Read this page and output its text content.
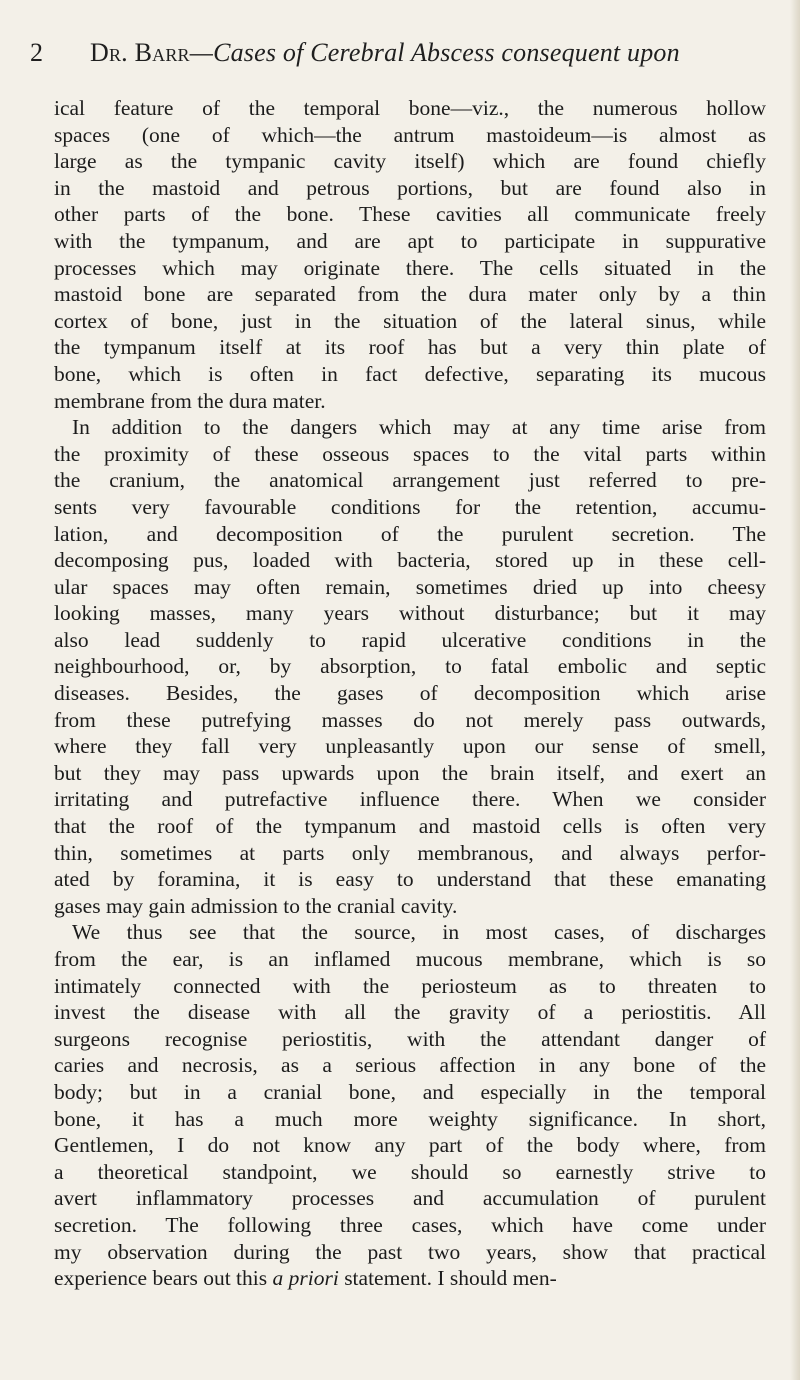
2 Dr. Barr—Cases of Cerebral Abscess consequent upon
ical feature of the temporal bone—viz., the numerous hollow
spaces (one of which—the antrum mastoideum—is almost as
large as the tympanic cavity itself) which are found chiefly
in the mastoid and petrous portions, but are found also in
other parts of the bone. These cavities all communicate freely
with the tympanum, and are apt to participate in suppurative
processes which may originate there. The cells situated in the
mastoid bone are separated from the dura mater only by a thin
cortex of bone, just in the situation of the lateral sinus, while
the tympanum itself at its roof has but a very thin plate of
bone, which is often in fact defective, separating its mucous
membrane from the dura mater.
In addition to the dangers which may at any time arise from
the proximity of these osseous spaces to the vital parts within
the cranium, the anatomical arrangement just referred to pre-
sents very favourable conditions for the retention, accumu-
lation, and decomposition of the purulent secretion. The
decomposing pus, loaded with bacteria, stored up in these cell-
ular spaces may often remain, sometimes dried up into cheesy
looking masses, many years without disturbance; but it may
also lead suddenly to rapid ulcerative conditions in the
neighbourhood, or, by absorption, to fatal embolic and septic
diseases. Besides, the gases of decomposition which arise
from these putrefying masses do not merely pass outwards,
where they fall very unpleasantly upon our sense of smell,
but they may pass upwards upon the brain itself, and exert an
irritating and putrefactive influence there. When we consider
that the roof of the tympanum and mastoid cells is often very
thin, sometimes at parts only membranous, and always perfor-
ated by foramina, it is easy to understand that these emanating
gases may gain admission to the cranial cavity.
We thus see that the source, in most cases, of discharges
from the ear, is an inflamed mucous membrane, which is so
intimately connected with the periosteum as to threaten to
invest the disease with all the gravity of a periostitis. All
surgeons recognise periostitis, with the attendant danger of
caries and necrosis, as a serious affection in any bone of the
body; but in a cranial bone, and especially in the temporal
bone, it has a much more weighty significance. In short,
Gentlemen, I do not know any part of the body where, from
a theoretical standpoint, we should so earnestly strive to
avert inflammatory processes and accumulation of purulent
secretion. The following three cases, which have come under
my observation during the past two years, show that practical
experience bears out this a priori statement. I should men-
